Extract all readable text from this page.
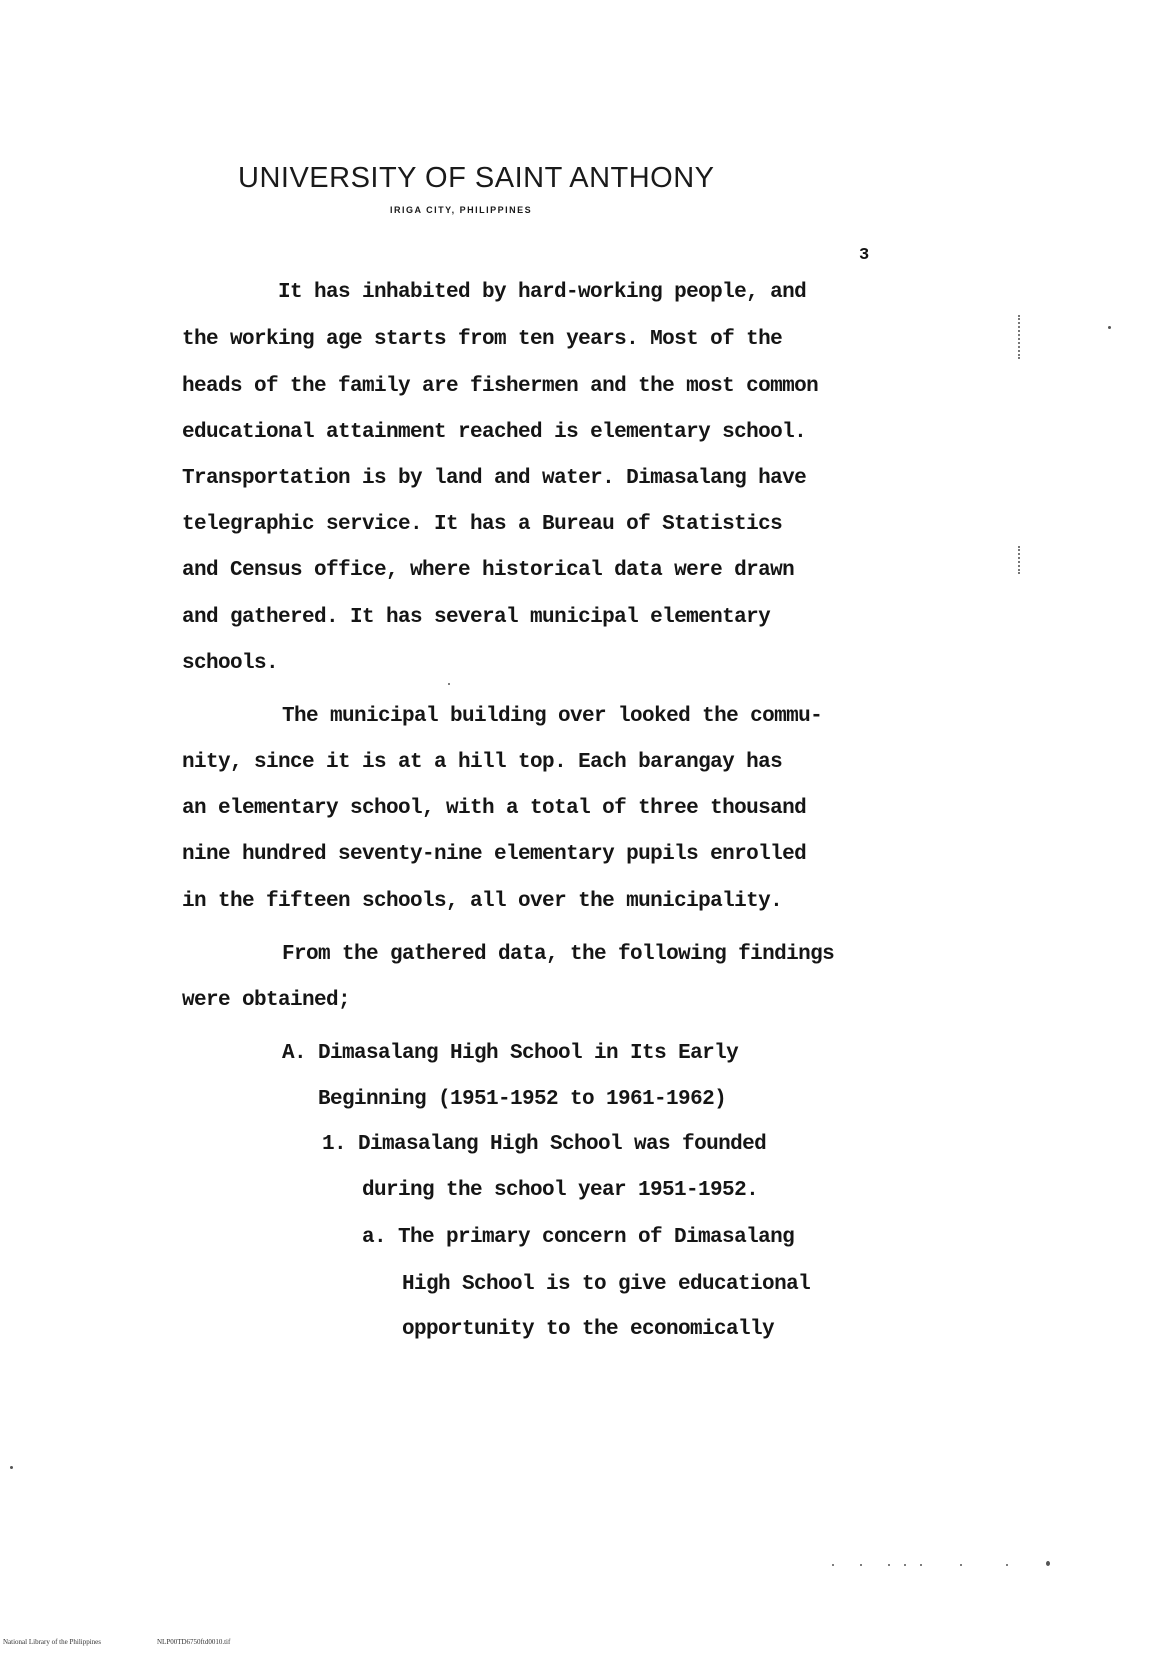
UNIVERSITY OF SAINT ANTHONY
IRIGA CITY, PHILIPPINES
3
It has inhabited by hard-working people, and
the working age starts from ten years. Most of the
heads of the family are fishermen and the most common
educational attainment reached is elementary school.
Transportation is by land and water. Dimasalang have
telegraphic service. It has a Bureau of Statistics
and Census office, where historical data were drawn
and gathered. It has several municipal elementary
schools.
The municipal building over looked the commu-
nity, since it is at a hill top. Each barangay has
an elementary school, with a total of three thousand
nine hundred seventy-nine elementary pupils enrolled
in the fifteen schools, all over the municipality.
From the gathered data, the following findings
were obtained;
A. Dimasalang High School in Its Early
Beginning (1951-1952 to 1961-1962)
1. Dimasalang High School was founded
during the school year 1951-1952.
a. The primary concern of Dimasalang
High School is to give educational
opportunity to the economically
National Library of the Philippines	NLP00TD6750ftd0010.tif
